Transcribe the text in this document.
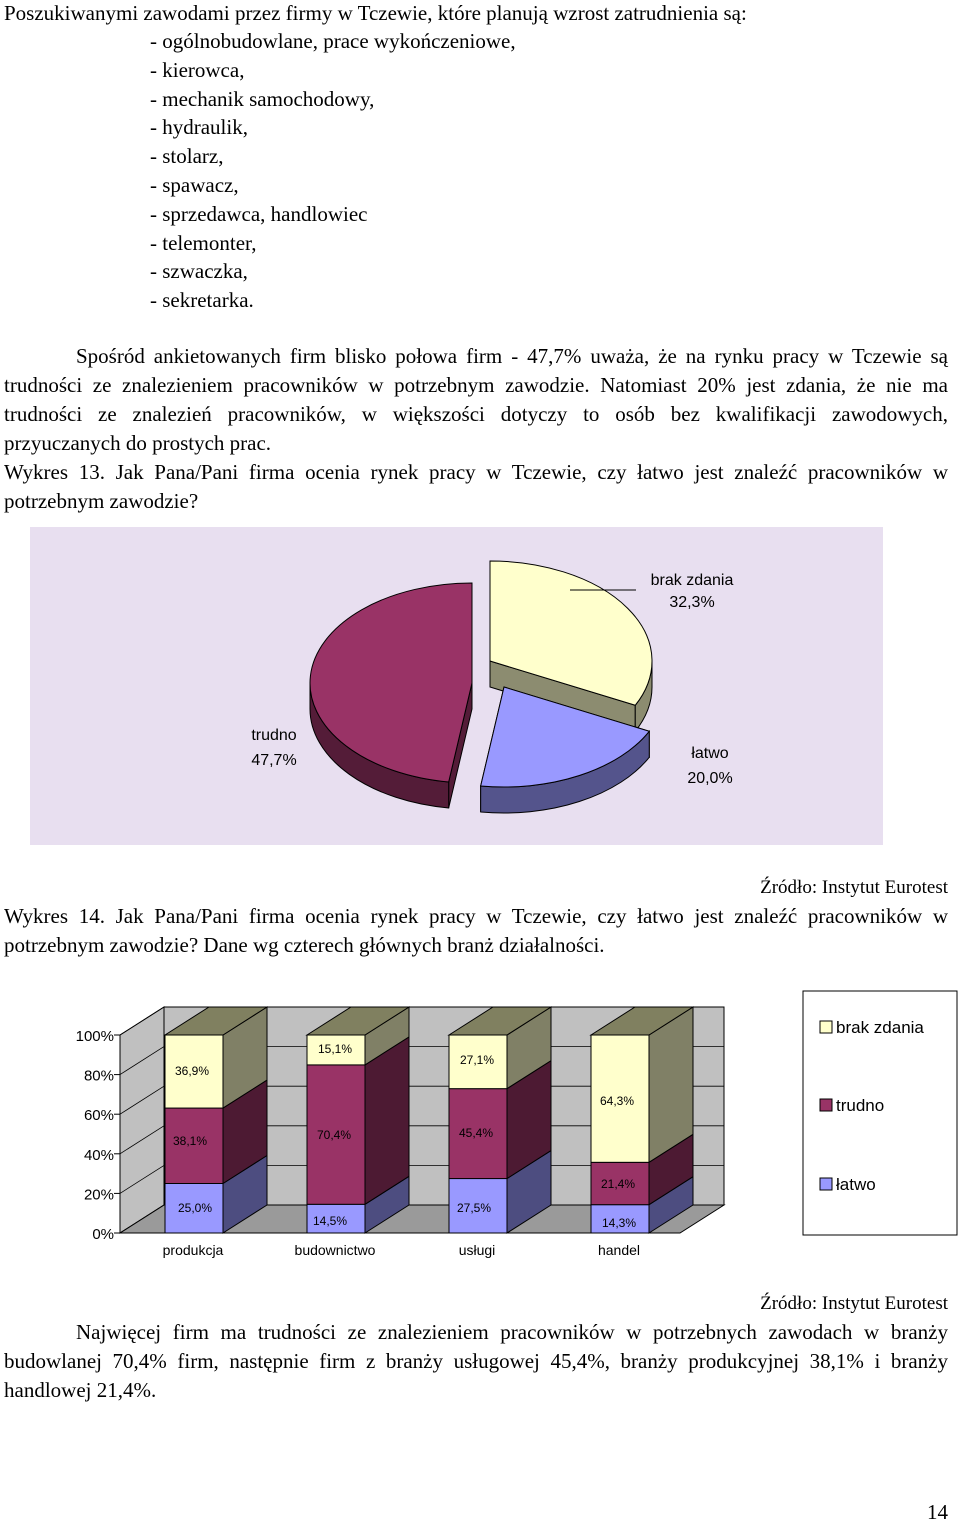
Poszukiwanymi zawodami przez firmy w Tczewie, które planują wzrost zatrudnienia są:
- ogólnobudowlane, prace wykończeniowe,
- kierowca,
- mechanik samochodowy,
- hydraulik,
- stolarz,
- spawacz,
- sprzedawca, handlowiec
- telemonter,
- szwaczka,
- sekretarka.
Spośród ankietowanych firm blisko połowa firm - 47,7% uważa, że na rynku pracy w Tczewie są trudności ze znalezieniem pracowników w potrzebnym zawodzie. Natomiast 20% jest zdania, że nie ma trudności ze znalezień pracowników, w większości dotyczy to osób bez kwalifikacji zawodowych, przyuczanych do prostych prac.
Wykres 13. Jak Pana/Pani firma ocenia rynek pracy w Tczewie, czy łatwo jest znaleźć pracowników w potrzebnym zawodzie?
brak zdania
32,3%
łatwo
20,0%
trudno
47,7%
Źródło: Instytut Eurotest
Wykres 14. Jak Pana/Pani firma ocenia rynek pracy w Tczewie, czy łatwo jest znaleźć pracowników w potrzebnym zawodzie? Dane wg czterech głównych branż działalności.
0%
20%
40%
60%
80%
100%
25,0%
38,1%
36,9%
produkcja
14,5%
70,4%
15,1%
budownictwo
27,5%
45,4%
27,1%
usługi
14,3%
21,4%
64,3%
handel
brak zdania
trudno
łatwo
Źródło: Instytut Eurotest
Najwięcej firm ma trudności ze znalezieniem pracowników w potrzebnych zawodach w branży budowlanej 70,4% firm, następnie firm z branży usługowej 45,4%, branży produkcyjnej 38,1% i branży handlowej 21,4%.
14
